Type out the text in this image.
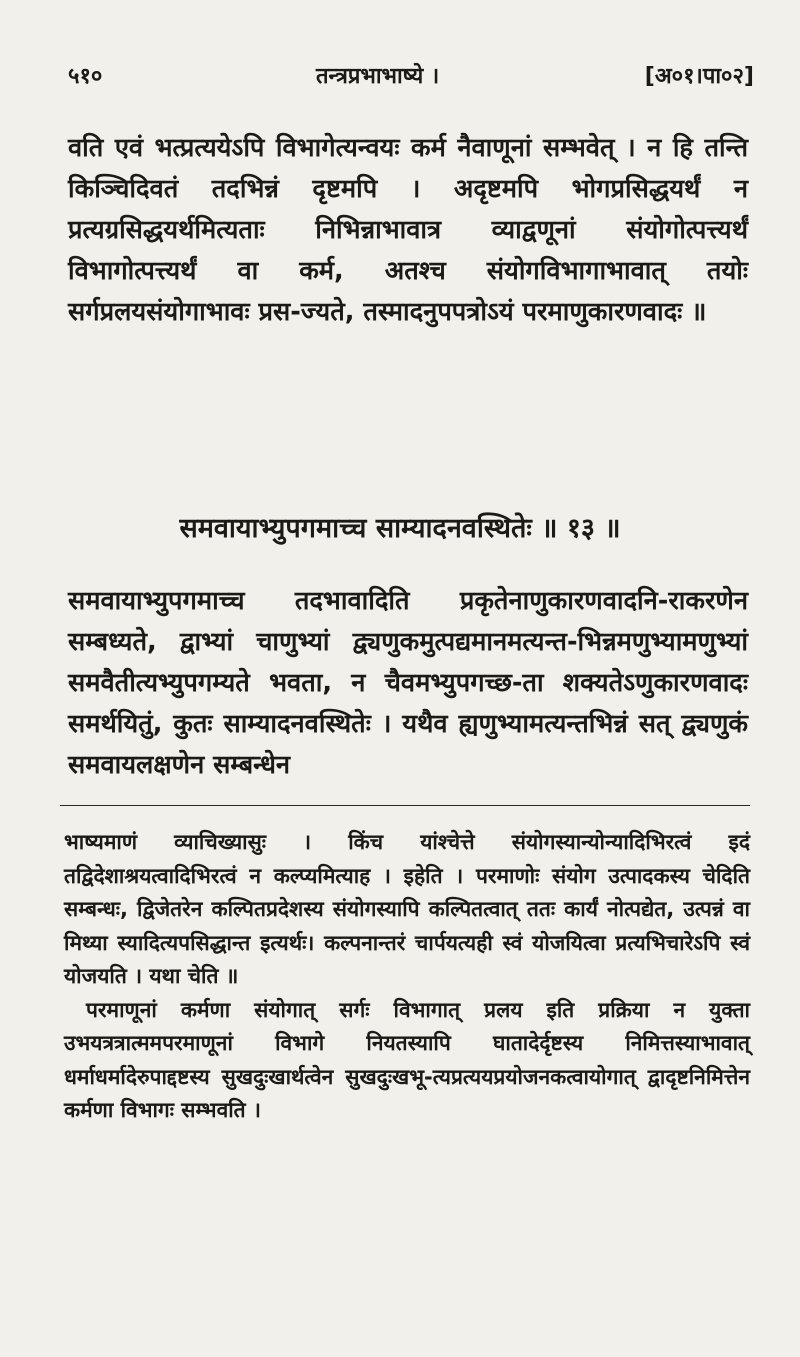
५१०	तन्त्रप्रभाभाष्ये ।	[अ०१।पा०२]

वति एवं भत्प्रत्ययेऽपि विभागेत्यन्वयः कर्म नैवाणूनां सम्भवेत् । न हि तन्ति किञ्चिदिवतं तदभिन्नं दृष्टमपि । अदृष्टमपि भोगप्रसिद्धयर्थं न प्रत्यग्रसिद्धयर्थमित्यताः निभिन्नाभावात्र व्याद्वणूनां संयोगोत्पत्त्यर्थं विभागोत्पत्त्यर्थं वा कर्म, अतश्च संयोगविभागाभावात् तयोः सर्गप्रलयसंयोगाभावः प्रस-ज्यते, तस्मादनुपपत्रोऽयं परमाणुकारणवादः ॥

समवायाभ्युपगमाच्च साम्यादनवस्थितेः ॥ १३ ॥

समवायाभ्युपगमाच्च तदभावादिति प्रकृतेनाणुकारणवादनि-राकरणेन सम्बध्यते, द्वाभ्यां चाणुभ्यां द्व्यणुकमुत्पद्यमानमत्यन्त-भिन्नमणुभ्यामणुभ्यां समवैतीत्यभ्युपगम्यते भवता, न चैवमभ्युपगच्छ-ता शक्यतेऽणुकारणवादः समर्थयितुं, कुतः साम्यादनवस्थितेः । यथैव ह्यणुभ्यामत्यन्तभिन्नं सत् द्व्यणुकं समवायलक्षणेन सम्बन्धेन

भाष्यमाणं व्याचिख्यासुः । किंच यांश्चेत्ते संयोगस्यान्योन्यादिभिरत्वं इदं तद्विदेशाश्रयत्वादिभिरत्वं न कल्प्यमित्याह । इहेति । परमाणोः संयोग उत्पादकस्य चेदिति सम्बन्धः, द्विजेतरेन कल्पितप्रदेशस्य संयोगस्यापि कल्पितत्वात् ततः कार्यं नोत्पद्येत, उत्पन्नं वा मिथ्या स्यादित्यपसिद्धान्त इत्यर्थः। कल्पनान्तरं चार्पयत्यही स्वं योजयित्वा प्रत्यभिचारेऽपि स्वं योजयति । यथा चेति ॥

परमाणूनां कर्मणा संयोगात् सर्गः विभागात् प्रलय इति प्रक्रिया न युक्ता उभयत्रत्रात्ममपरमाणूनां विभागे नियतस्यापि घातादेर्दृष्टस्य निमित्तस्याभावात् धर्माधर्मादेरुपाद्दष्टस्य सुखदुःखार्थत्वेन सुखदुःखभू-त्यप्रत्ययप्रयोजनकत्वायोगात् द्वादृष्टनिमित्तेन कर्मणा विभागः सम्भवति ।
